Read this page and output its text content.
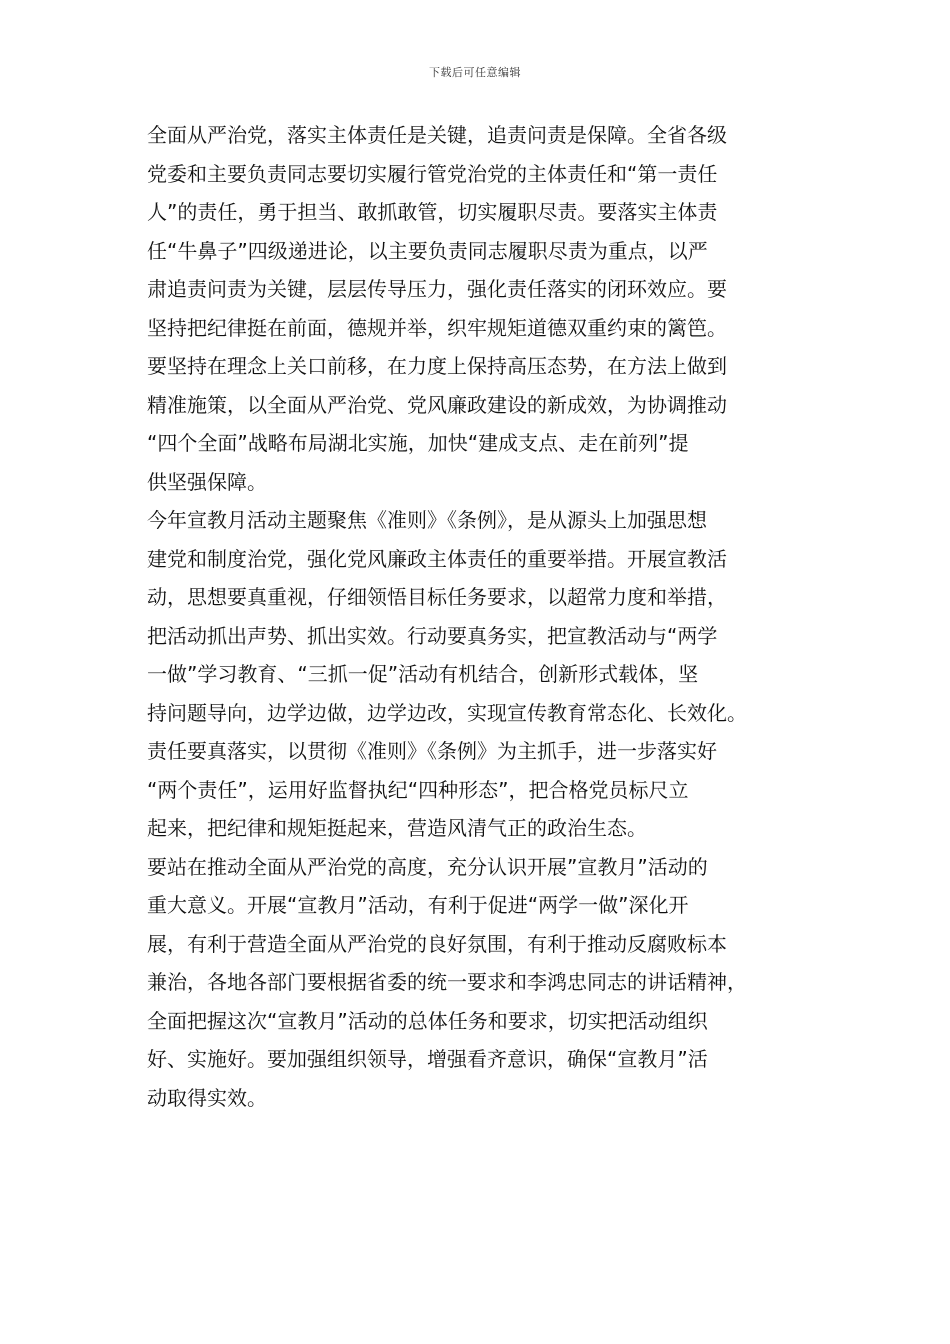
下载后可任意编辑
全面从严治党，落实主体责任是关键，追责问责是保障。全省各级
党委和主要负责同志要切实履行管党治党的主体责任和“第一责任
人”的责任，勇于担当、敢抓敢管，切实履职尽责。要落实主体责
任“牛鼻子”四级递进论，以主要负责同志履职尽责为重点，以严
肃追责问责为关键，层层传导压力，强化责任落实的闭环效应。要
坚持把纪律挺在前面，德规并举，织牢规矩道德双重约束的篱笆。
要坚持在理念上关口前移，在力度上保持高压态势，在方法上做到
精准施策，以全面从严治党、党风廉政建设的新成效，为协调推动
“四个全面”战略布局湖北实施，加快“建成支点、走在前列”提
供坚强保障。
今年宣教月活动主题聚焦《准则》《条例》，是从源头上加强思想
建党和制度治党，强化党风廉政主体责任的重要举措。开展宣教活
动，思想要真重视，仔细领悟目标任务要求，以超常力度和举措，
把活动抓出声势、抓出实效。行动要真务实，把宣教活动与“两学
一做”学习教育、“三抓一促”活动有机结合，创新形式载体，坚
持问题导向，边学边做，边学边改，实现宣传教育常态化、长效化。
责任要真落实，以贯彻《准则》《条例》为主抓手，进一步落实好
“两个责任”，运用好监督执纪“四种形态”，把合格党员标尺立
起来，把纪律和规矩挺起来，营造风清气正的政治生态。
要站在推动全面从严治党的高度，充分认识开展”宣教月”活动的
重大意义。开展“宣教月”活动，有利于促进“两学一做”深化开
展，有利于营造全面从严治党的良好氛围，有利于推动反腐败标本
兼治，各地各部门要根据省委的统一要求和李鸿忠同志的讲话精神，
全面把握这次“宣教月”活动的总体任务和要求，切实把活动组织
好、实施好。要加强组织领导，增强看齐意识，确保“宣教月”活
动取得实效。
